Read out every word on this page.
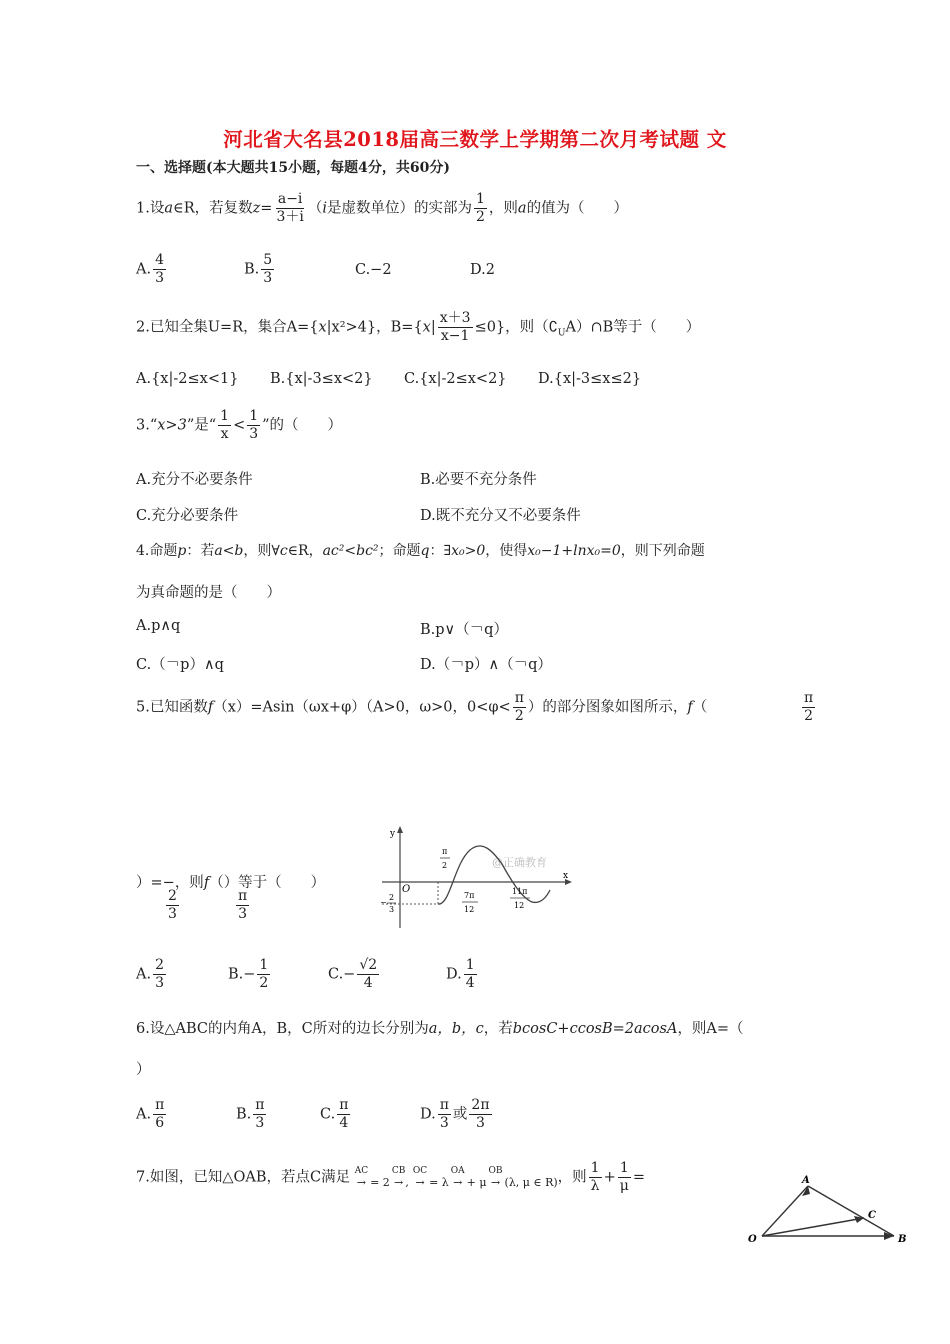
河北省大名县2018届高三数学上学期第二次月考试题 文
一、选择题(本大题共15小题，每题4分，共60分)
1.设a∈R，若复数$z= \frac{a-i}{3+i} (i$是虚数单位）的实部为 $\frac{1}{2}$ ，则a的值为（　　）
A. $\frac{4}{3}$	B. $\frac{5}{3}$	C.−2	D.2
2.已知全集U=R，集合A={x|x²>4}，$B=\{x| \frac{x+3}{x-1} \le 0\}$，则$(∁_UA)\cap B$等于（　　）
A.{x|-2≤x<1} B.{x|-3≤x<2} C.{x|-2≤x<2} D.{x|-3≤x≤2}
3.“x>3”是“ $\frac{1}{x} < \frac{1}{3}$ ”的（　　）
A.充分不必要条件	B.必要不充分条件
C.充分必要条件	D.既不充分又不必要条件
4.命题p：若a<b，则∀c∈R，ac²<bc²；命题q：∃x₀>0，使得x₀−1+lnx₀=0，则下列命题
为真命题的是（　　）
A.p∧q	B.p∨（￢q）
C.（￢p）∧q	D.（￢p）∧（￢q）
5.已知函数f（x）=Asin（ωx+φ）（A>0，ω>0，$0<\varphi< \frac{\pi}{2}$ ）的部分图象如图所示，f（	$\frac{\pi}{2}$
）=−，则f（）等于（　　）
$\frac{2}{3}$	$\frac{\pi}{3}$
y
x
O
@正确教育
π
2
7π
12
11π
12
−
2
3
A. $\frac{2}{3}$	$B.- \frac{1}{2}$	$C.- \frac{√2}{4}$	D. $\frac{1}{4}$
6.设△ABC的内角A，B，C所对的边长分别为a，b，c，若bcosC+ccosB=2acosA，则A=（
）
A. $\frac{\pi}{6}$	B. $\frac{\pi}{3}$	C. $\frac{\pi}{4}$	D. $\frac{\pi}{3}$ 或 $\frac{2\pi}{3}$
7.如图，已知△OAB，若点C满足 AC
→ = 2
CB
→ ,
OC
→ = λ
OA
→ + μ
OB
→ (λ, μ ∈ R) ，则 $\frac{1}{\lambda} + \frac{1}{\mu}$ =	A
C
B
O
